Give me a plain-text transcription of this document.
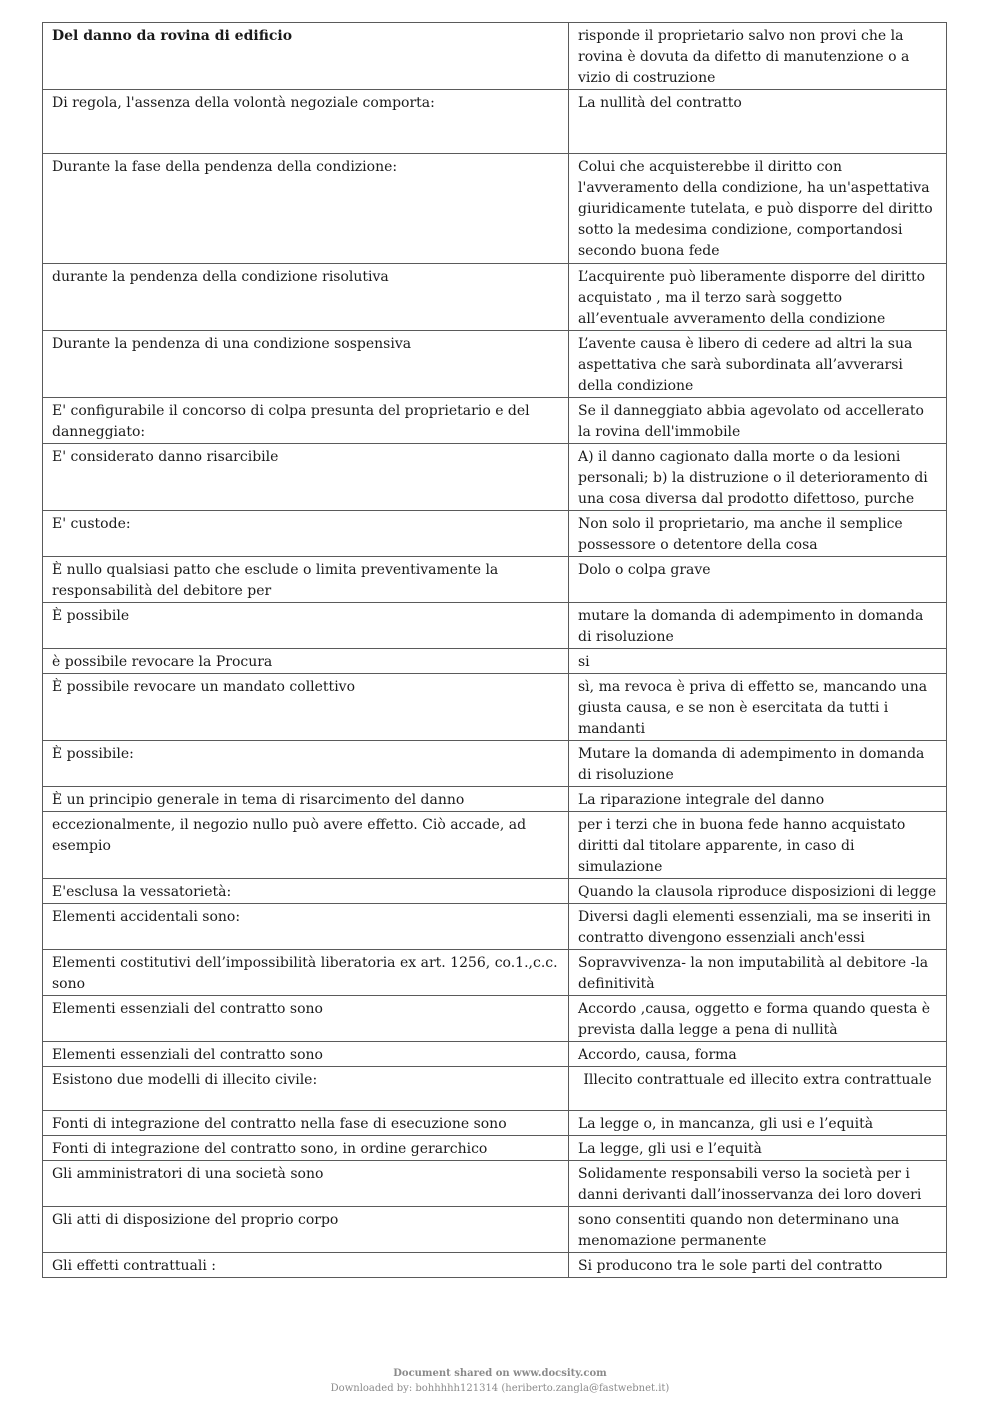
Del danno da rovina di edificio	risponde il proprietario salvo non provi che la rovina è dovuta da difetto di manutenzione o a vizio di costruzione
Di regola, l'assenza della volontà negoziale comporta:	La nullità del contratto
Durante la fase della pendenza della condizione:	Colui che acquisterebbe il diritto con l'avveramento della condizione, ha un'aspettativa giuridicamente tutelata, e può disporre del diritto sotto la medesima condizione, comportandosi secondo buona fede
durante la pendenza della condizione risolutiva	L’acquirente può liberamente disporre del diritto acquistato , ma il terzo sarà soggetto all’eventuale avveramento della condizione
Durante la pendenza di una condizione sospensiva	L’avente causa è libero di cedere ad altri la sua aspettativa che sarà subordinata all’avverarsi della condizione
E' configurabile il concorso di colpa presunta del proprietario e del danneggiato:	Se il danneggiato abbia agevolato od accellerato la rovina dell'immobile
E' considerato danno risarcibile	A) il danno cagionato dalla morte o da lesioni personali; b) la distruzione o il deterioramento di una cosa diversa dal prodotto difettoso, purche
E' custode:	Non solo il proprietario, ma anche il semplice possessore o detentore della cosa
È nullo qualsiasi patto che esclude o limita preventivamente la responsabilità del debitore per	Dolo o colpa grave
È possibile	mutare la domanda di adempimento in domanda di risoluzione
è possibile revocare la Procura	si
È possibile revocare un mandato collettivo	sì, ma revoca è priva di effetto se, mancando una giusta causa, e se non è esercitata da tutti i mandanti
È possibile:	Mutare la domanda di adempimento in domanda di risoluzione
È un principio generale in tema di risarcimento del danno	La riparazione integrale del danno
eccezionalmente, il negozio nullo può avere effetto. Ciò accade, ad esempio	per i terzi che in buona fede hanno acquistato diritti dal titolare apparente, in caso di simulazione
E'esclusa la vessatorietà:	Quando la clausola riproduce disposizioni di legge
Elementi accidentali sono:	Diversi dagli elementi essenziali, ma se inseriti in contratto divengono essenziali anch'essi
Elementi costitutivi dell’impossibilità liberatoria ex art. 1256, co.1.,c.c. sono	Sopravvivenza- la non imputabilità al debitore -la definitività
Elementi essenziali del contratto sono	Accordo ,causa, oggetto e forma quando questa è prevista dalla legge a pena di nullità
Elementi essenziali del contratto sono	Accordo, causa, forma
Esistono due modelli di illecito civile:	Illecito contrattuale ed illecito extra contrattuale
Fonti di integrazione del contratto nella fase di esecuzione sono	La legge o, in mancanza, gli usi e l’equità
Fonti di integrazione del contratto sono, in ordine gerarchico	La legge, gli usi e l’equità
Gli amministratori di una società sono	Solidamente responsabili verso la società per i danni derivanti dall’inosservanza dei loro doveri
Gli atti di disposizione del proprio corpo	sono consentiti quando non determinano una menomazione permanente
Gli effetti contrattuali :	Si producono tra le sole parti del contratto
Document shared on www.docsity.com
Downloaded by: bohhhhh121314 (heriberto.zangla@fastwebnet.it)
